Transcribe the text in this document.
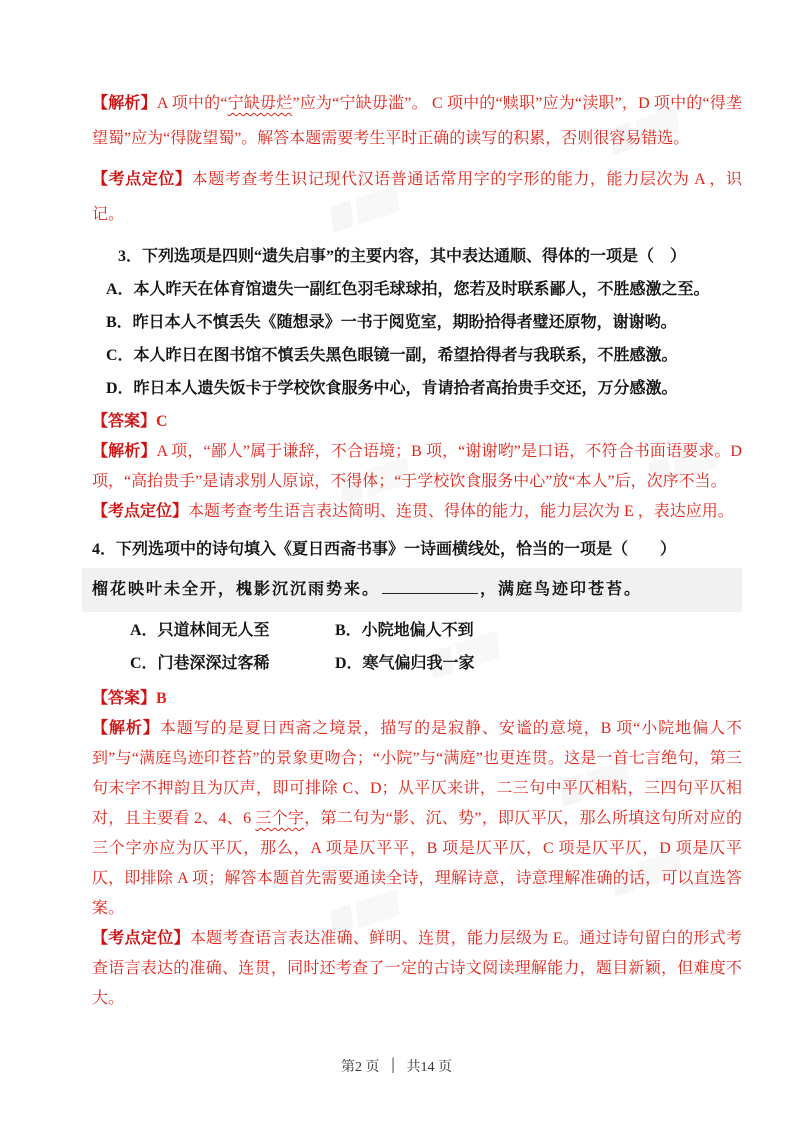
【解析】A 项中的“宁缺毋烂”应为“宁缺毋滥”。 C 项中的“赎职”应为“渎职”，D 项中的“得垄望蜀”应为“得陇望蜀”。解答本题需要考生平时正确的读写的积累，否则很容易错选。

【考点定位】本题考查考生识记现代汉语普通话常用字的字形的能力，能力层次为 A ，识记。

3．下列选项是四则“遗失启事”的主要内容，其中表达通顺、得体的一项是（　）

A．本人昨天在体育馆遗失一副红色羽毛球球拍，您若及时联系鄙人，不胜感激之至。

B．昨日本人不慎丢失《随想录》一书于阅览室，期盼拾得者璧还原物，谢谢哟。

C．本人昨日在图书馆不慎丢失黑色眼镜一副，希望拾得者与我联系，不胜感激。

D．昨日本人遗失饭卡于学校饮食服务中心，肯请拾者高抬贵手交还，万分感激。

【答案】C

【解析】A 项，“鄙人”属于谦辞，不合语境；B 项，“谢谢哟”是口语，不符合书面语要求。D 项，“高抬贵手”是请求别人原谅，不得体；“于学校饮食服务中心”放“本人”后，次序不当。

【考点定位】本题考查考生语言表达简明、连贯、得体的能力，能力层次为 E ，表达应用。

4．下列选项中的诗句填入《夏日西斋书事》一诗画横线处，恰当的一项是（　　）

榴花映叶未全开，槐影沉沉雨势来。	，满庭鸟迹印苍苔。

A．只道林间无人至	B．小院地偏人不到
C．门巷深深过客稀	D．寒气偏归我一家

【答案】B

【解析】本题写的是夏日西斋之境景，描写的是寂静、安谧的意境，B 项“小院地偏人不到”与“满庭鸟迹印苍苔”的景象更吻合；“小院”与“满庭”也更连贯。这是一首七言绝句，第三句末字不押韵且为仄声，即可排除 C、D；从平仄来讲，二三句中平仄相粘，三四句平仄相对，且主要看 2、4、6 三个字，第二句为“影、沉、势”，即仄平仄，那么所填这句所对应的三个字亦应为仄平仄，那么，A 项是仄平平，B 项是仄平仄，C 项是仄平仄，D 项是仄平仄，即排除 A 项；解答本题首先需要通读全诗，理解诗意，诗意理解准确的话，可以直选答案。

【考点定位】本题考查语言表达准确、鲜明、连贯，能力层级为 E。通过诗句留白的形式考查语言表达的准确、连贯，同时还考查了一定的古诗文阅读理解能力，题目新颖，但难度不大。

第2 页 | 共14 页
